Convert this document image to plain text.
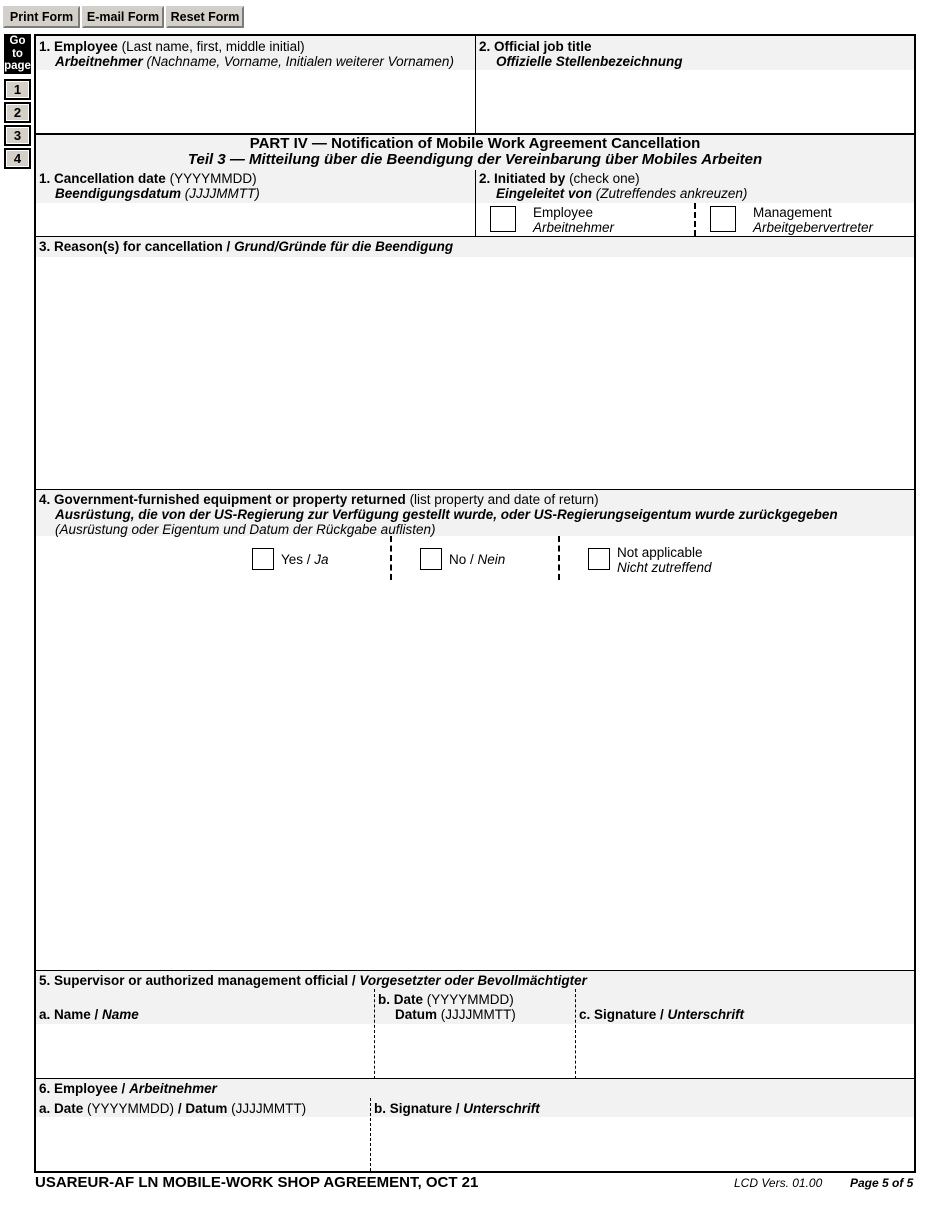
Print Form	E-mail Form Reset Form
Go
to
page
1
2
3
4
1. Employee (Last name, first, middle initial)
Arbeitnehmer (Nachname, Vorname, Initialen weiterer Vornamen)
2. Official job title
Offizielle Stellenbezeichnung
PART IV — Notification of Mobile Work Agreement Cancellation
Teil 3 — Mitteilung über die Beendigung der Vereinbarung über Mobiles Arbeiten
1. Cancellation date (YYYYMMDD)
Beendigungsdatum (JJJJMMTT)
2. Initiated by (check one)
Eingeleitet von (Zutreffendes ankreuzen)
Employee
Arbeitnehmer
Management
Arbeitgebervertreter
3. Reason(s) for cancellation / Grund/Gründe für die Beendigung
4. Government-furnished equipment or property returned (list property and date of return)
Ausrüstung, die von der US-Regierung zur Verfügung gestellt wurde, oder US-Regierungseigentum wurde zurückgegeben
(Ausrüstung oder Eigentum und Datum der Rückgabe auflisten)
Yes / Ja	No / Nein	Not applicable
Nicht zutreffend
5. Supervisor or authorized management official / Vorgesetzter oder Bevollmächtigter
a. Name / Name
b. Date (YYYYMMDD)
Datum (JJJJMMTT)	c. Signature / Unterschrift
6. Employee / Arbeitnehmer
a. Date (YYYYMMDD) / Datum (JJJJMMTT)	b. Signature / Unterschrift
USAREUR-AF LN MOBILE-WORK SHOP AGREEMENT, OCT 21	LCD Vers. 01.00 Page 5 of 5
